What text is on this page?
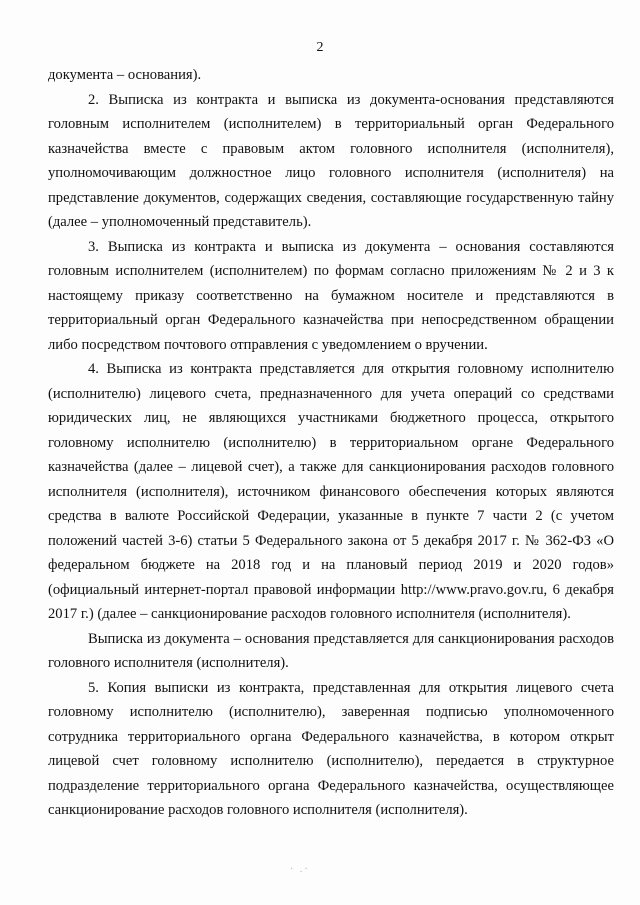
2

документа – основания).

2. Выписка из контракта и выписка из документа-основания представляются головным исполнителем (исполнителем) в территориальный орган Федерального казначейства вместе с правовым актом головного исполнителя (исполнителя), уполномочивающим должностное лицо головного исполнителя (исполнителя) на представление документов, содержащих сведения, составляющие государственную тайну (далее – уполномоченный представитель).

3. Выписка из контракта и выписка из документа – основания составляются головным исполнителем (исполнителем) по формам согласно приложениям № 2 и 3 к настоящему приказу соответственно на бумажном носителе и представляются в территориальный орган Федерального казначейства при непосредственном обращении либо посредством почтового отправления с уведомлением о вручении.

4. Выписка из контракта представляется для открытия головному исполнителю (исполнителю) лицевого счета, предназначенного для учета операций со средствами юридических лиц, не являющихся участниками бюджетного процесса, открытого головному исполнителю (исполнителю) в территориальном органе Федерального казначейства (далее – лицевой счет), а также для санкционирования расходов головного исполнителя (исполнителя), источником финансового обеспечения которых являются средства в валюте Российской Федерации, указанные в пункте 7 части 2 (с учетом положений частей 3-6) статьи 5 Федерального закона от 5 декабря 2017 г. № 362-ФЗ «О федеральном бюджете на 2018 год и на плановый период 2019 и 2020 годов» (официальный интернет-портал правовой информации http://www.pravo.gov.ru, 6 декабря 2017 г.) (далее – санкционирование расходов головного исполнителя (исполнителя).

Выписка из документа – основания представляется для санкционирования расходов головного исполнителя (исполнителя).

5. Копия выписки из контракта, представленная для открытия лицевого счета головному исполнителю (исполнителю), заверенная подписью уполномоченного сотрудника территориального органа Федерального казначейства, в котором открыт лицевой счет головному исполнителю (исполнителю), передается в структурное подразделение территориального органа Федерального казначейства, осуществляющее санкционирование расходов головного исполнителя (исполнителя).

· .·
